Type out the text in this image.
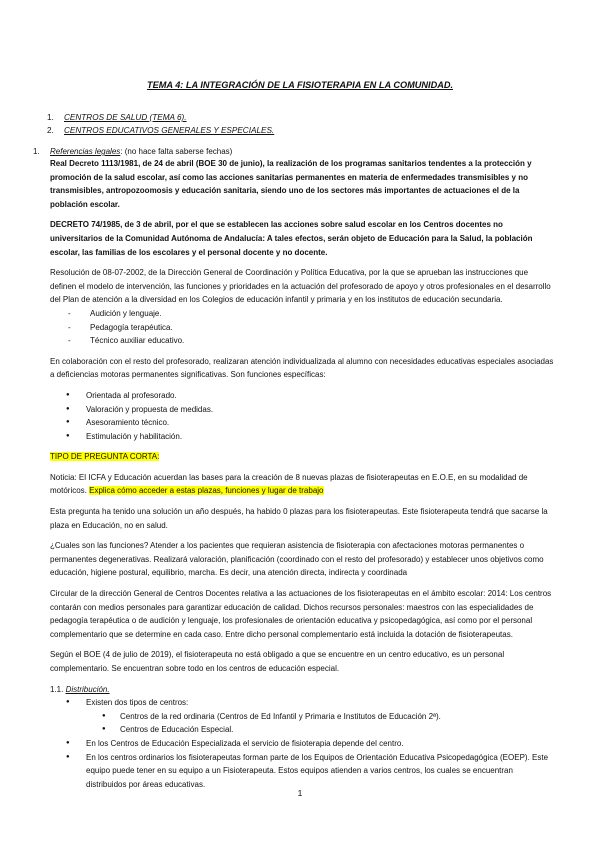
TEMA 4: LA INTEGRACIÓN DE LA FISIOTERAPIA EN LA COMUNIDAD.
1. CENTROS DE SALUD (TEMA 6).
2. CENTROS EDUCATIVOS GENERALES Y ESPECIALES.
1. Referencias legales: (no hace falta saberse fechas)

Real Decreto 1113/1981, de 24 de abril (BOE 30 de junio), la realización de los programas sanitarios tendentes a la protección y promoción de la salud escolar, así como las acciones sanitarias permanentes en materia de enfermedades transmisibles y no transmisibles, antropozoomosis y educación sanitaria, siendo uno de los sectores más importantes de actuaciones el de la población escolar.

DECRETO 74/1985, de 3 de abril, por el que se establecen las acciones sobre salud escolar en los Centros docentes no universitarios de la Comunidad Autónoma de Andalucía: A tales efectos, serán objeto de Educación para la Salud, la población escolar, las familias de los escolares y el personal docente y no docente.

Resolución de 08-07-2002, de la Dirección General de Coordinación y Política Educativa, por la que se aprueban las instrucciones que definen el modelo de intervención, las funciones y prioridades en la actuación del profesorado de apoyo y otros profesionales en el desarrollo del Plan de atención a la diversidad en los Colegios de educación infantil y primaria y en los institutos de educación secundaria.

- Audición y lenguaje.
- Pedagogía terapéutica.
- Técnico auxiliar educativo.

En colaboración con el resto del profesorado, realizaran atención individualizada al alumno con necesidades educativas especiales asociadas a deficiencias motoras permanentes significativas. Son funciones específicas:

● Orientada al profesorado.
● Valoración y propuesta de medidas.
● Asesoramiento técnico.
● Estimulación y habilitación.

TIPO DE PREGUNTA CORTA:

Noticia: El ICFA y Educación acuerdan las bases para la creación de 8 nuevas plazas de fisioterapeutas en E.O.E, en su modalidad de motóricos. Explica cómo acceder a estas plazas, funciones y lugar de trabajo

Esta pregunta ha tenido una solución un año después, ha habido 0 plazas para los fisioterapeutas. Este fisioterapeuta tendrá que sacarse la plaza en Educación, no en salud.

¿Cuales son las funciones? Atender a los pacientes que requieran asistencia de fisioterapia con afectaciones motoras permanentes o permanentes degenerativas. Realizará valoración, planificación (coordinado con el resto del profesorado) y establecer unos objetivos como educación, higiene postural, equilibrio, marcha. Es decir, una atención directa, indirecta y coordinada

Circular de la dirección General de Centros Docentes relativa a las actuaciones de los fisioterapeutas en el ámbito escolar: 2014: Los centros contarán con medios personales para garantizar educación de calidad. Dichos recursos personales: maestros con las especialidades de pedagogía terapéutica o de audición y lenguaje, los profesionales de orientación educativa y psicopedagógica, así como por el personal complementario que se determine en cada caso. Entre dicho personal complementario está incluida la dotación de fisioterapeutas.

Según el BOE (4 de julio de 2019), el fisioterapeuta no está obligado a que se encuentre en un centro educativo, es un personal complementario. Se encuentran sobre todo en los centros de educación especial.

1.1. Distribución.

● Existen dos tipos de centros:
● Centros de la red ordinaria (Centros de Ed Infantil y Primaria e Institutos de Educación 2ª).
● Centros de Educación Especial.
● En los Centros de Educación Especializada el servicio de fisioterapia depende del centro.
● En los centros ordinarios los fisioterapeutas forman parte de los Equipos de Orientación Educativa Psicopedagógica (EOEP). Este equipo puede tener en su equipo a un Fisioterapeuta. Estos equipos atienden a varios centros, los cuales se encuentran distribuidos por áreas educativas.
1
